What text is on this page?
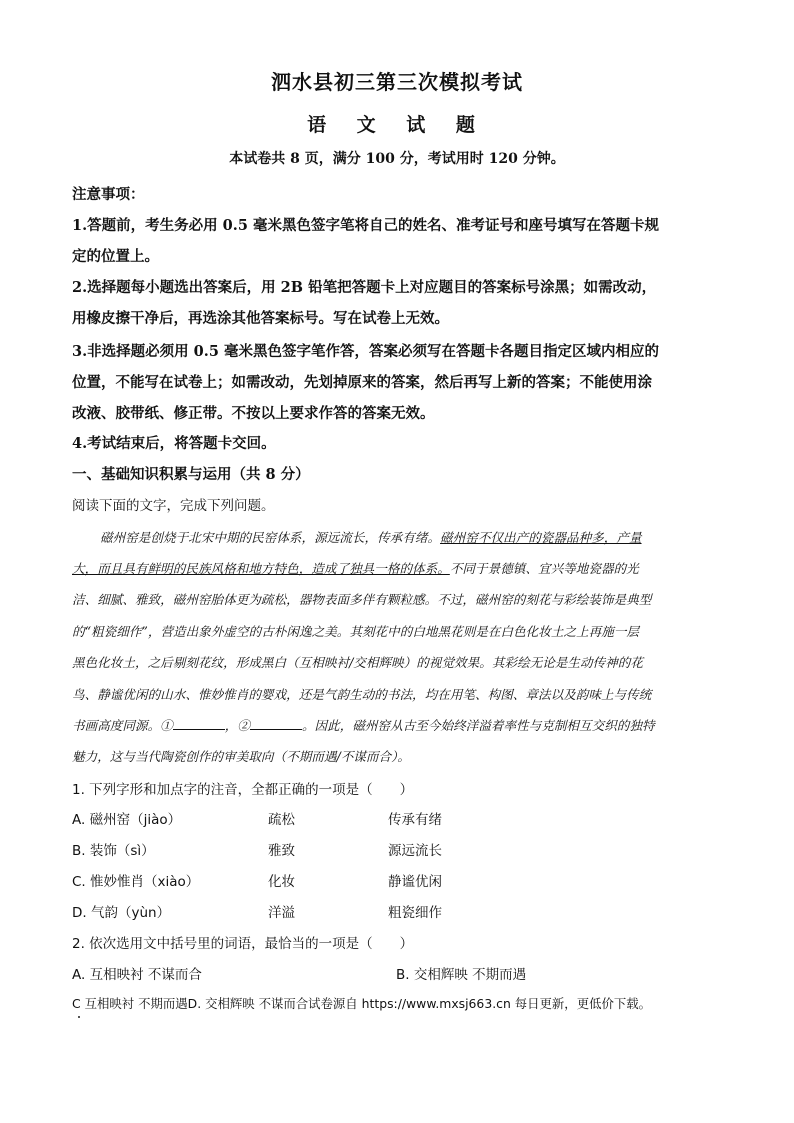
泗水县初三第三次模拟考试
语 文 试 题
本试卷共 8 页，满分 100 分，考试用时 120 分钟。
注意事项：
1.答题前，考生务必用 0.5 毫米黑色签字笔将自己的姓名、准考证号和座号填写在答题卡规
定的位置上。
2.选择题每小题选出答案后，用 2B 铅笔把答题卡上对应题目的答案标号涂黑；如需改动，
用橡皮擦干净后，再选涂其他答案标号。写在试卷上无效。
3.非选择题必须用 0.5 毫米黑色签字笔作答，答案必须写在答题卡各题目指定区域内相应的
位置，不能写在试卷上；如需改动，先划掉原来的答案，然后再写上新的答案；不能使用涂
改液、胶带纸、修正带。不按以上要求作答的答案无效。
4.考试结束后，将答题卡交回。
一、基础知识积累与运用（共 8 分）
阅读下面的文字，完成下列问题。
磁州窑是创烧于北宋中期的民窑体系，源远流长，传承有绪。磁州窑不仅出产的瓷器品种多，产量
大，而且具有鲜明的民族风格和地方特色，造成了独具一格的体系。不同于景德镇、宜兴等地瓷器的光
洁、细腻、雅致，磁州窑胎体更为疏松，器物表面多伴有颗粒感。不过，磁州窑的刻花与彩绘装饰是典型
的“粗瓷细作”，营造出象外虚空的古朴闲逸之美。其刻花中的白地黑花则是在白色化妆土之上再施一层
黑色化妆土，之后剔刻花纹，形成黑白（互相映衬/交相辉映）的视觉效果。其彩绘无论是生动传神的花
鸟、静谧优闲的山水、惟妙惟肖的婴戏，还是气韵生动的书法，均在用笔、构图、章法以及韵味上与传统
书画高度同源。①	，②	。因此，磁州窑从古至今始终洋溢着率性与克制相互交织的独特
魅力，这与当代陶瓷创作的审美取向（不期而遇/不谋而合）。
1. 下列字形和加点字的注音，全都正确的一项是（　　）
A. 磁州窑（jiào）	疏松	传承有绪
B. 装饰（sì）	雅致	源远流长
C. 惟妙惟肖（xiào）	化妆	静谧优闲
D. 气韵（yùn）	洋溢	粗瓷细作
2. 依次选用文中括号里的词语，最恰当的一项是（　　）
A. 互相映衬 不谋而合	B. 交相辉映 不期而遇
C 互相映衬 不期而遇D. 交相辉映 不谋而合试卷源自 https://www.mxsj663.cn 每日更新，更低价下载。
